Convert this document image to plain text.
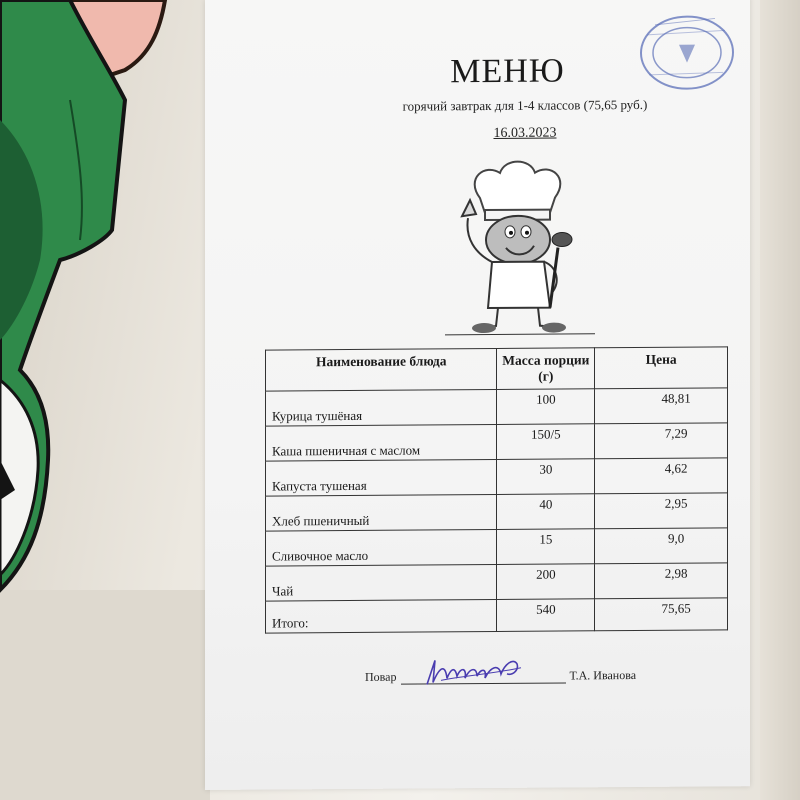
МЕНЮ
горячий завтрак для 1-4 классов (75,65 руб.)
16.03.2023
Наименование блюда	Масса порции (г)	Цена
Курица тушёная	100	48,81
Каша пшеничная с маслом	150/5	7,29
Капуста тушеная	30	4,62
Хлеб пшеничный	40	2,95
Сливочное масло	15	9,0
Чай	200	2,98
Итого:	540	75,65
Повар	Т.А. Иванова
